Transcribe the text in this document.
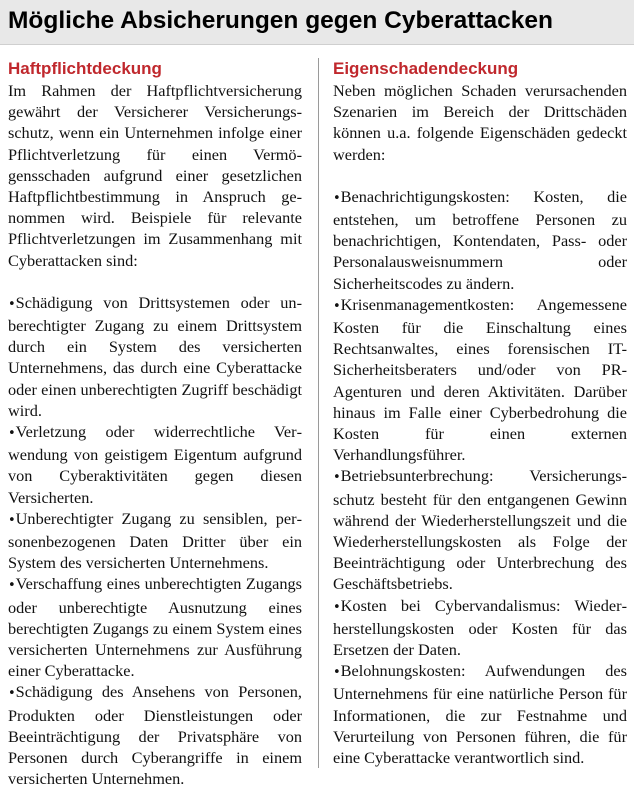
Mögliche Absicherungen gegen Cyberattacken
Haftpflichtdeckung

Im Rahmen der Haftpflichtversicherung gewährt der Versicherer Versicherungsschutz, wenn ein Unternehmen infolge einer Pflichtverletzung für einen Vermögensschaden aufgrund einer gesetzlichen Haftpflichtbestimmung in Anspruch genommen wird. Beispiele für relevante Pflichtverletzungen im Zusammenhang mit Cyberattacken sind:

•Schädigung von Drittsystemen oder unberechtigter Zugang zu einem Drittsystem durch ein System des versicherten Unternehmens, das durch eine Cyberattacke oder einen unberechtigten Zugriff beschädigt wird.

•Verletzung oder widerrechtliche Verwendung von geistigem Eigentum aufgrund von Cyberaktivitäten gegen diesen Versicherten.

•Unberechtigter Zugang zu sensiblen, personenbezogenen Daten Dritter über ein System des versicherten Unternehmens.

•Verschaffung eines unberechtigten Zugangs oder unberechtigte Ausnutzung eines berechtigten Zugangs zu einem System eines versicherten Unternehmens zur Ausführung einer Cyberattacke.

•Schädigung des Ansehens von Personen, Produkten oder Dienstleistungen oder Beeinträchtigung der Privatsphäre von Personen durch Cyberangriffe in einem versicherten Unternehmen.

Eigenschadendeckung

Neben möglichen Schaden verursachenden Szenarien im Bereich der Drittschäden können u.a. folgende Eigenschäden gedeckt werden:

•Benachrichtigungskosten: Kosten, die entstehen, um betroffene Personen zu benachrichtigen, Kontendaten, Pass- oder Personalausweisnummern oder Sicherheitscodes zu ändern.

•Krisenmanagementkosten: Angemessene Kosten für die Einschaltung eines Rechtsanwaltes, eines forensischen IT-Sicherheitsberaters und/oder von PR-Agenturen und deren Aktivitäten. Darüber hinaus im Falle einer Cyberbedrohung die Kosten für einen externen Verhandlungsführer.

•Betriebsunterbrechung: Versicherungsschutz besteht für den entgangenen Gewinn während der Wiederherstellungszeit und die Wiederherstellungskosten als Folge der Beeinträchtigung oder Unterbrechung des Geschäftsbetriebs.

•Kosten bei Cybervandalismus: Wiederherstellungskosten oder Kosten für das Ersetzen der Daten.

•Belohnungskosten: Aufwendungen des Unternehmens für eine natürliche Person für Informationen, die zur Festnahme und Verurteilung von Personen führen, die für eine Cyberattacke verantwortlich sind.
